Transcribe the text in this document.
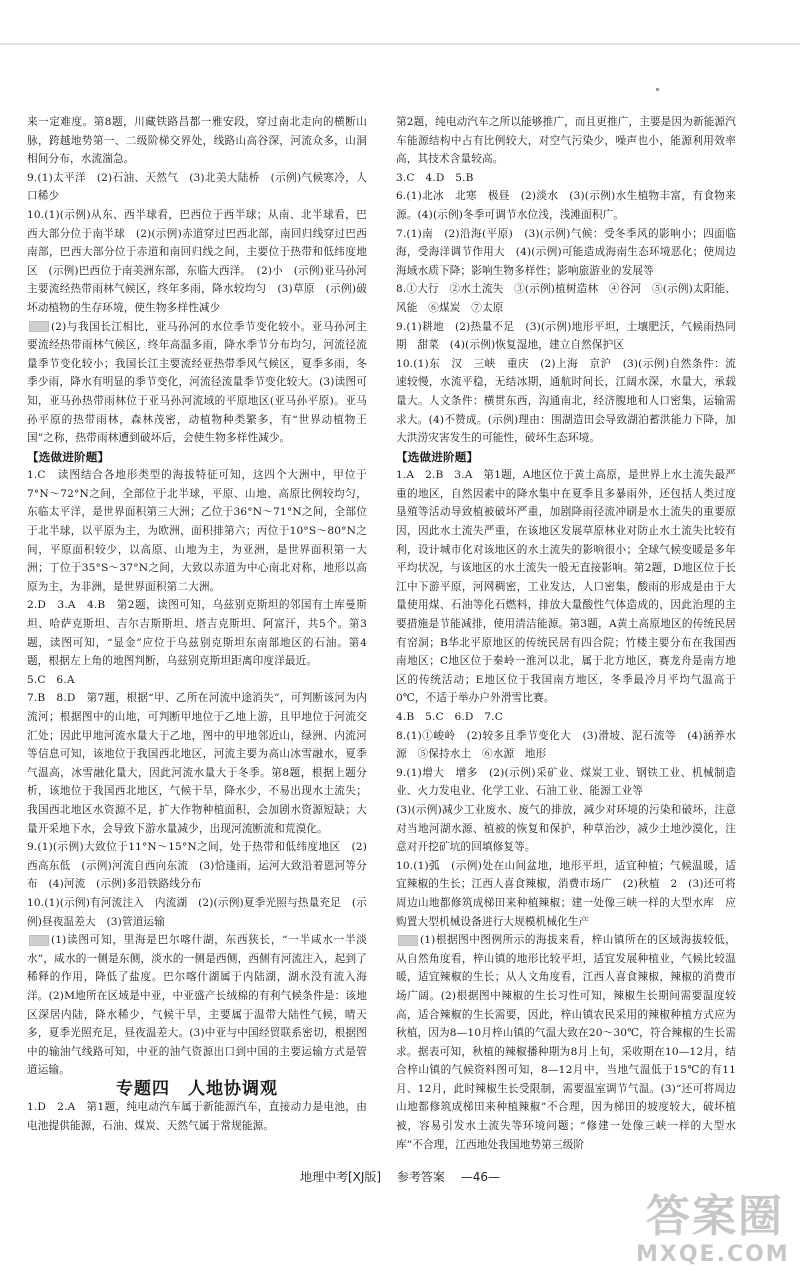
来一定难度。第8题，川藏铁路昌都一雅安段，穿过南北走向的横断山脉，跨越地势第一、二级阶梯交界处，线路山高谷深，河流众多，山洞相间分布，水流湍急。

9.(1)太平洋　(2)石油、天然气　(3)北美大陆桥　(示例)气候寒冷，人口稀少

10.(1)(示例)从东、西半球看，巴西位于西半球；从南、北半球看，巴西大部分位于南半球　(2)(示例)赤道穿过巴西北部，南回归线穿过巴西南部，巴西大部分位于赤道和南回归线之间，主要位于热带和低纬度地区　(示例)巴西位于南美洲东部，东临大西洋。　(2)小　(示例)亚马孙河主要流经热带雨林气候区，终年多雨，降水较均匀　(3)草原　(示例)破坏动植物的生存环境，使生物多样性减少

(2)与我国长江相比，亚马孙河的水位季节变化较小。亚马孙河主要流经热带雨林气候区，终年高温多雨，降水季节分布均匀，河流径流量季节变化较小；我国长江主要流经亚热带季风气候区，夏季多雨，冬季少雨，降水有明显的季节变化，河流径流量季节变化较大。(3)读图可知，亚马孙热带雨林位于亚马孙河流域的平原地区(亚马孙平原)。亚马孙平原的热带雨林，森林茂密，动植物种类繁多，有“世界动植物王国”之称，热带雨林遭到破坏后，会使生物多样性减少。

【选做进阶题】

1.C　读图结合各地形类型的海拔特征可知，这四个大洲中，甲位于7°N～72°N之间，全部位于北半球，平原、山地、高原比例较均匀，东临太平洋，是世界面积第三大洲；乙位于36°N～71°N之间，全部位于北半球，以平原为主，为欧洲，面积排第六；丙位于10°S～80°N之间，平原面积较少，以高原、山地为主，为亚洲，是世界面积第一大洲；丁位于35°S～37°N之间，大致以赤道为中心南北对称，地形以高原为主，为非洲，是世界面积第二大洲。

2.D　3.A　4.B　第2题，读图可知，乌兹别克斯坦的邻国有土库曼斯坦、哈萨克斯坦、吉尔吉斯斯坦、塔吉克斯坦、阿富汗，共5个。第3题，读图可知，“显金”应位于乌兹别克斯坦东南部地区的石油。第4题，根据左上角的地图判断，乌兹别克斯坦距离印度洋最近。

5.C　6.A

7.B　8.D　第7题，根据“甲、乙所在河流中途消失”，可判断该河为内流河；根据图中的山地，可判断甲地位于乙地上游，且甲地位于河流交汇处；因此甲地河流水量大于乙地，图中的甲地邻近山，绿洲、内流河等信息可知，该地位于我国西北地区，河流主要为高山冰雪融水，夏季气温高，冰雪融化量大，因此河流水量大于冬季。第8题，根据上题分析，该地位于我国西北地区，气候干旱，降水少，不易出现水土流失；我国西北地区水资源不足，扩大作物种植面积，会加剧水资源短缺；大量开采地下水，会导致下游水量减少，出现河流断流和荒漠化。

9.(1)(示例)大致位于11°N～15°N之间，处于热带和低纬度地区　(2)西高东低　(示例)河流自西向东流　(3)恰逢雨，运河大致沿着恩河等分布　(4)河流　(示例)多沿铁路线分布

10.(1)(示例)有河流注入　内流湖　(2)(示例)夏季光照与热量充足　(示例)昼夜温差大　(3)管道运输

(1)读图可知，里海是巴尔喀什湖，东西狭长，“一半咸水一半淡水”，咸水的一侧是东侧，淡水的一侧是西侧，西侧有河流注入，起到了稀释的作用，降低了盐度。巴尔喀什湖属于内陆湖，湖水没有流入海洋。(2)M地所在区域是中亚，中亚盛产长绒棉的有利气候条件是：该地区深居内陆，降水稀少，气候干旱，主要属于温带大陆性气候，晴天多，夏季光照充足，昼夜温差大。(3)中亚与中国经贸联系密切，根据图中的输油气线路可知，中亚的油气资源出口到中国的主要运输方式是管道运输。

专题四　人地协调观

1.D　2.A　第1题，纯电动汽车属于新能源汽车，直接动力是电池，由电池提供能源，石油、煤炭、天然气属于常规能源。

第2题，纯电动汽车之所以能够推广，而且更推广，主要是因为新能源汽车能源结构中占有比例较大，对空气污染少，噪声也小，能源利用效率高，其技术含量较高。

3.C　4.D　5.B

6.(1)北冰　北寒　极昼　(2)淡水　(3)(示例)水生植物丰富，有食物来源。(4)(示例)冬季可调节水位浅，浅滩面积广。

7.(1)南　(2)沿海(平原)　(3)(示例)气候：受冬季风的影响小；四面临海，受海洋调节作用大　(4)(示例)可能造成海南生态环境恶化；使周边海域水质下降；影响生物多样性；影响旅游业的发展等

8.①大行　②水土流失　③(示例)植树造林　④谷河　⑤(示例)太阳能、风能　⑥煤炭　⑦太原

9.(1)耕地　(2)热量不足　(3)(示例)地形平坦，土壤肥沃，气候雨热同期　甜菜　(4)(示例)恢复湿地，建立自然保护区

10.(1)东　汉　三峡　重庆　(2)上海　京沪　(3)(示例)自然条件：流速较慢，水流平稳，无结冰期，通航时间长，江阔水深，水量大，承载量大。人文条件：横贯东西，沟通南北，经济腹地和人口密集，运输需求大。(4)不赞成。(示例)理由：围湖造田会导致湖泊蓄洪能力下降，加大洪涝灾害发生的可能性，破坏生态环境。

【选做进阶题】

1.A　2.B　3.A　第1题，A地区位于黄土高原，是世界上水土流失最严重的地区，自然因素中的降水集中在夏季且多暴雨外，还包括人类过度垦殖等活动导致植被破坏严重，加剧降雨径流冲刷是水土流失的重要原因，因此水土流失严重，在该地区发展草原林业对防止水土流失比较有利，设计城市化对该地区的水土流失的影响很小；全球气候变暖是多年平均状况，与该地区的水土流失一般无直接影响。第2题，D地区位于长江中下游平原，河网稠密，工业发达，人口密集，酸雨的形成是由于大量使用煤、石油等化石燃料，排放大量酸性气体造成的，因此治理的主要措施是节能减排，使用清洁能源。第3题，A黄土高原地区的传统民居有窑洞；B华北平原地区的传统民居有四合院；竹楼主要分布在我国西南地区；C地区位于秦岭一淮河以北，属于北方地区，赛龙舟是南方地区的传统活动；E地区位于我国南方地区，冬季最冷月平均气温高于0℃，不适于举办户外滑雪比赛。

4.B　5.C　6.D　7.C

8.(1)①峻岭　(2)较多且季节变化大　(3)滑坡、泥石流等　(4)涵养水源　⑤保持水土　⑥水源　地形

9.(1)增大　增多　(2)(示例)采矿业、煤炭工业、钢铁工业、机械制造业、火力发电业、化学工业、石油工业、能源工业等

(3)(示例)减少工业废水、废气的排放，减少对环境的污染和破坏，注意对当地河湖水源、植被的恢复和保护，种草治沙，减少土地沙漠化，注意对开挖矿坑的回填修复等。

10.(1)弧　(示例)处在山间盆地，地形平坦，适宜种植；气候温暖，适宜辣椒的生长；江西人喜食辣椒，消费市场广　(2)秋植　2　(3)还可将周边山地都修筑成梯田来种植辣椒；建一处像三峡一样的大型水库　应购置大型机械设备进行大规模机械化生产

(1)根据图中图例所示的海拔来看，梓山镇所在的区域海拔较低，从自然角度看，梓山镇的地形比较平坦，适宜发展种植业，气候比较温暖，适宜辣椒的生长；从人文角度看，江西人喜食辣椒，辣椒的消费市场广阔。(2)根据图中辣椒的生长习性可知，辣椒生长期间需要温度较高，适合辣椒的生长需要，因此，梓山镇农民采用的辣椒种植方式应为秋植，因为8—10月梓山镇的气温大致在20～30℃，符合辣椒的生长需求。据表可知，秋植的辣椒播种期为8月上旬，采收期在10—12月，结合梓山镇的气候资料图可知，8—12月中，当地气温低于15℃的有11月、12月，此时辣椒生长受限制，需要温室调节气温。(3)“还可将周边山地都修筑成梯田来种植辣椒”不合理，因为梯田的坡度较大，破坏植被，容易引发水土流失等环境问题；“修建一处像三峡一样的大型水库”不合理，江西地处我国地势第三级阶

地理中考[XJ版] 参考答案 —46—
答案圈
MXQE.COM
